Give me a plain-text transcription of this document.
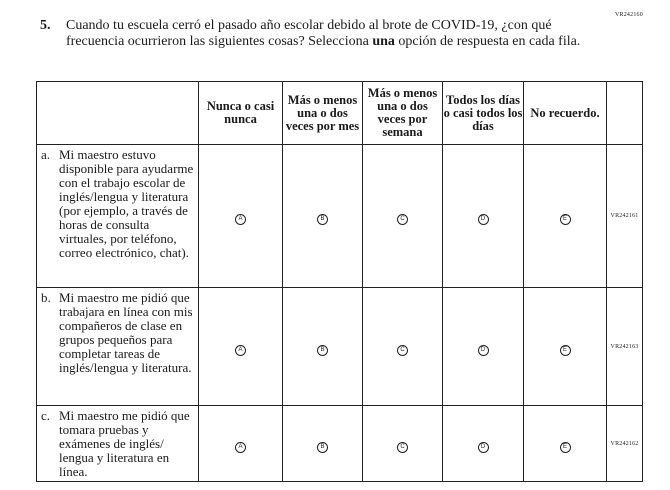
VR242160
5. Cuando tu escuela cerró el pasado año escolar debido al brote de COVID-19, ¿con qué frecuencia ocurrieron las siguientes cosas? Selecciona una opción de respuesta en cada fila.
	Nunca o casi nunca	Más o menos una o dos veces por mes	Más o menos una o dos veces por semana	Todos los días o casi todos los días	No recuerdo.	

a. Mi maestro estuvo disponible para ayudarme con el trabajo escolar de inglés/lengua y literatura (por ejemplo, a través de horas de consulta virtuales, por teléfono, correo electrónico, chat).	A	B	C	D	E	VR242161

b. Mi maestro me pidió que trabajara en línea con mis compañeros de clase en grupos pequeños para completar tareas de inglés/lengua y literatura.	A	B	C	D	E	VR242163

c. Mi maestro me pidió que tomara pruebas y exámenes de inglés/ lengua y literatura en línea.	A	B	C	D	E	VR242162
